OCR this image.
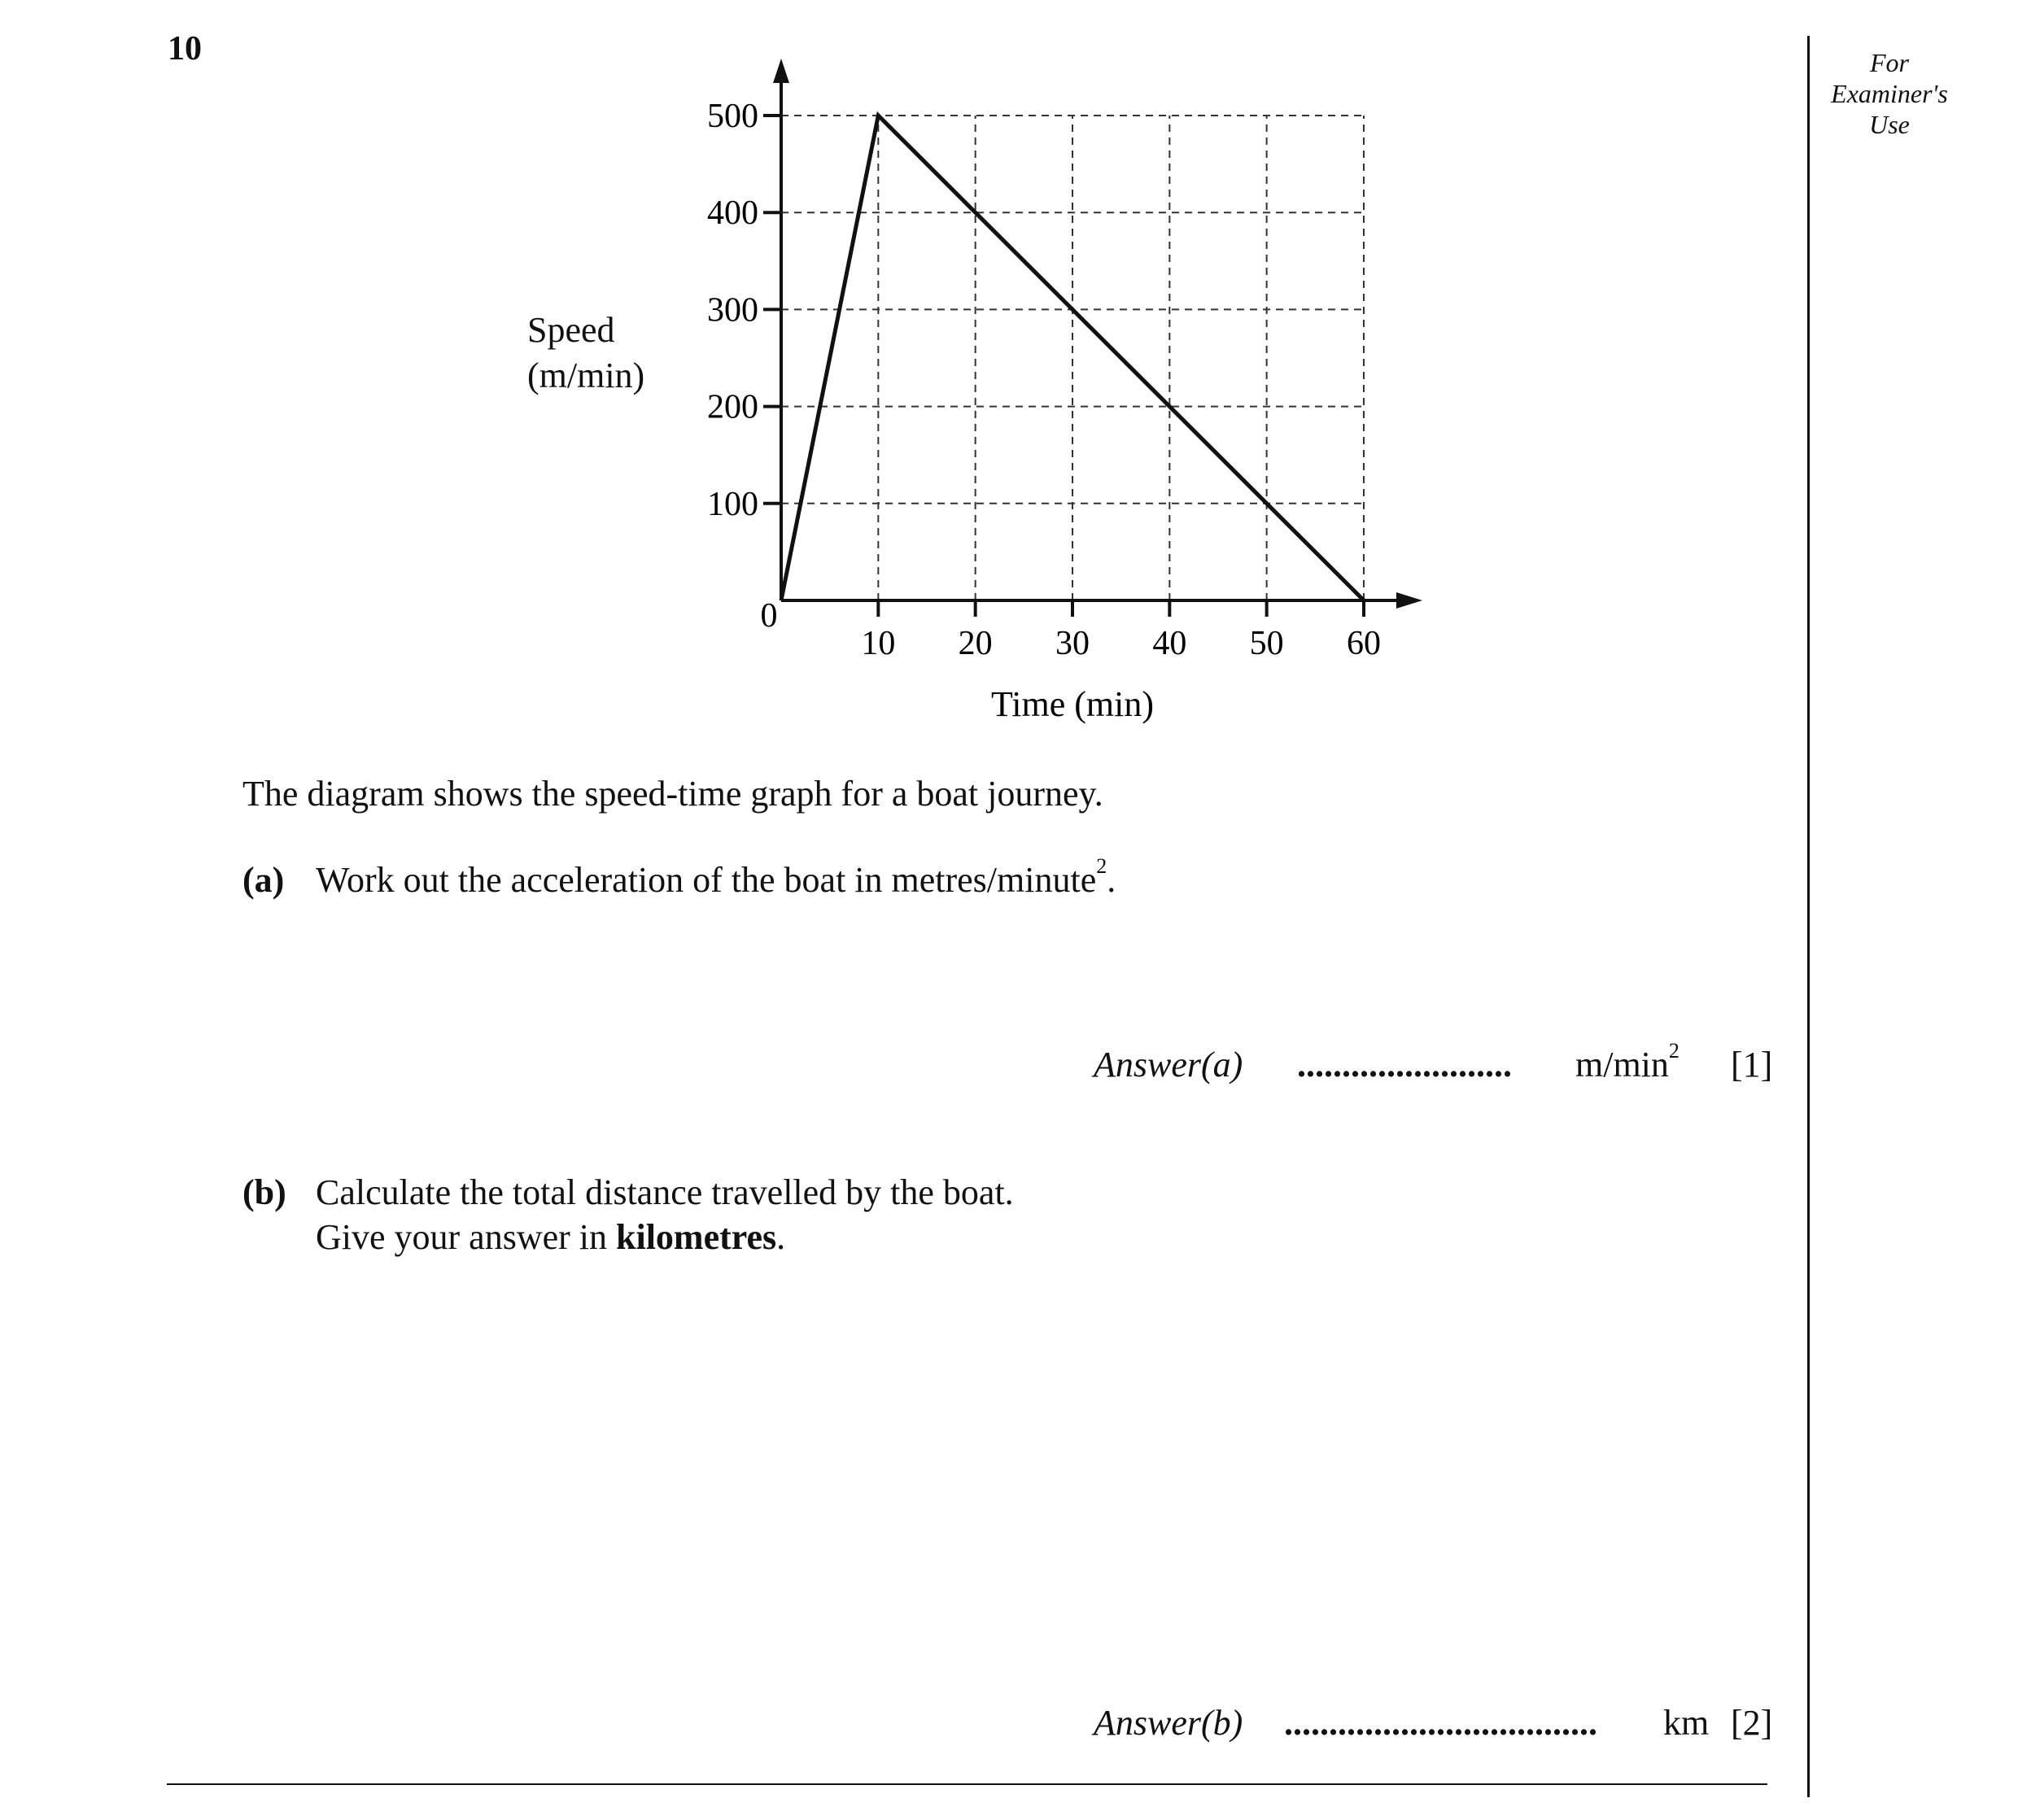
10	For
Examiner's
Use
100
200
300
400
500
10 20 30 40 50 60
0
Time (min)
Speed
(m/min)
The diagram shows the speed-time graph for a boat journey.
(a) Work out the acceleration of the boat in metres/minute$^2$.
Answer(a) ........................	$m/\min^2$ [1]
(b) Calculate the total distance travelled by the boat.
Give your answer in kilometres.
Answer(b) ...................................	km [2]
